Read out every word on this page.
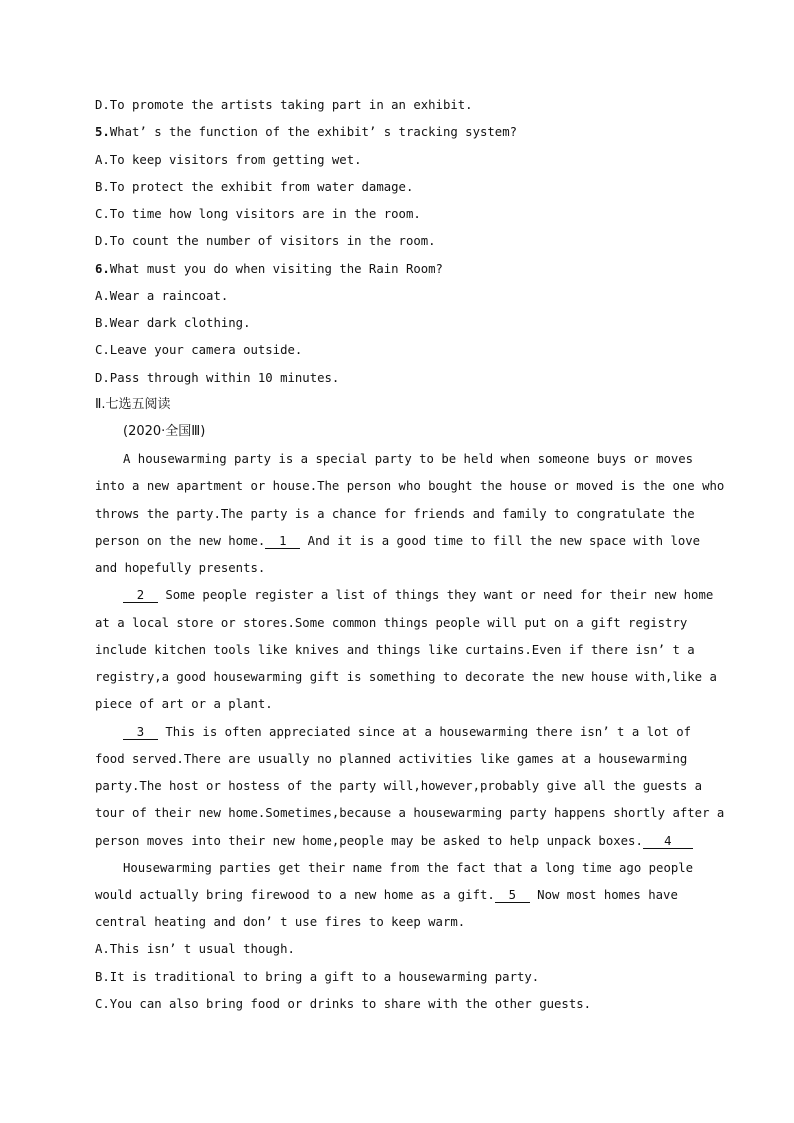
D.To promote the artists taking part in an exhibit.
5.What’ s the function of the exhibit’ s tracking system?
A.To keep visitors from getting wet.
B.To protect the exhibit from water damage.
C.To time how long visitors are in the room.
D.To count the number of visitors in the room.
6.What must you do when visiting the Rain Room?
A.Wear a raincoat.
B.Wear dark clothing.
C.Leave your camera outside.
D.Pass through within 10 minutes.
Ⅱ.七选五阅读
(2020·全国Ⅲ)
A housewarming party is a special party to be held when someone buys or moves
into a new apartment or house.The person who bought the house or moved is the one who
throws the party.The party is a chance for friends and family to congratulate the
person on the new home. 1 And it is a good time to fill the new space with love
and hopefully presents.
2 Some people register a list of things they want or need for their new home
at a local store or stores.Some common things people will put on a gift registry
include kitchen tools like knives and things like curtains.Even if there isn’ t a
registry,a good housewarming gift is something to decorate the new house with,like a
piece of art or a plant.
3 This is often appreciated since at a housewarming there isn’ t a lot of
food served.There are usually no planned activities like games at a housewarming
party.The host or hostess of the party will,however,probably give all the guests a
tour of their new home.Sometimes,because a housewarming party happens shortly after a
person moves into their new home,people may be asked to help unpack boxes. 4
Housewarming parties get their name from the fact that a long time ago people
would actually bring firewood to a new home as a gift. 5 Now most homes have
central heating and don’ t use fires to keep warm.
A.This isn’ t usual though.
B.It is traditional to bring a gift to a housewarming party.
C.You can also bring food or drinks to share with the other guests.
